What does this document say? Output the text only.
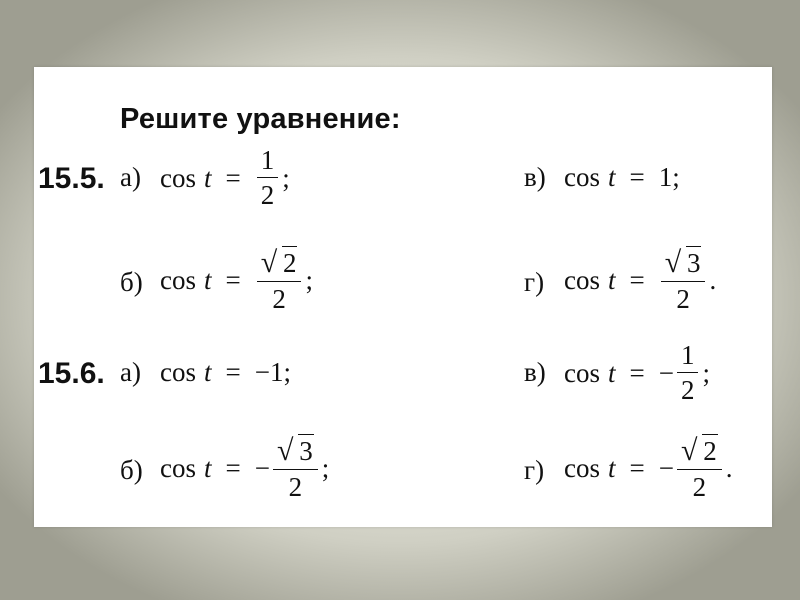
Решите уравнение:
15.5. а) $\cos t = \frac{1}{2}$ ;	в) cos t = 1 ;
б) $\cos t = \frac{√ 2}{2}$ ;	г) $\cos t = \frac{√ 3}{2}$ .
15.6. а) cos t = −1 ;	в) cos t = − $\frac{1}{2}$ ;
б) cos t = − $\frac{√ 3}{2}$ ;	г) cos t = − $\frac{√ 2}{2}$ .
